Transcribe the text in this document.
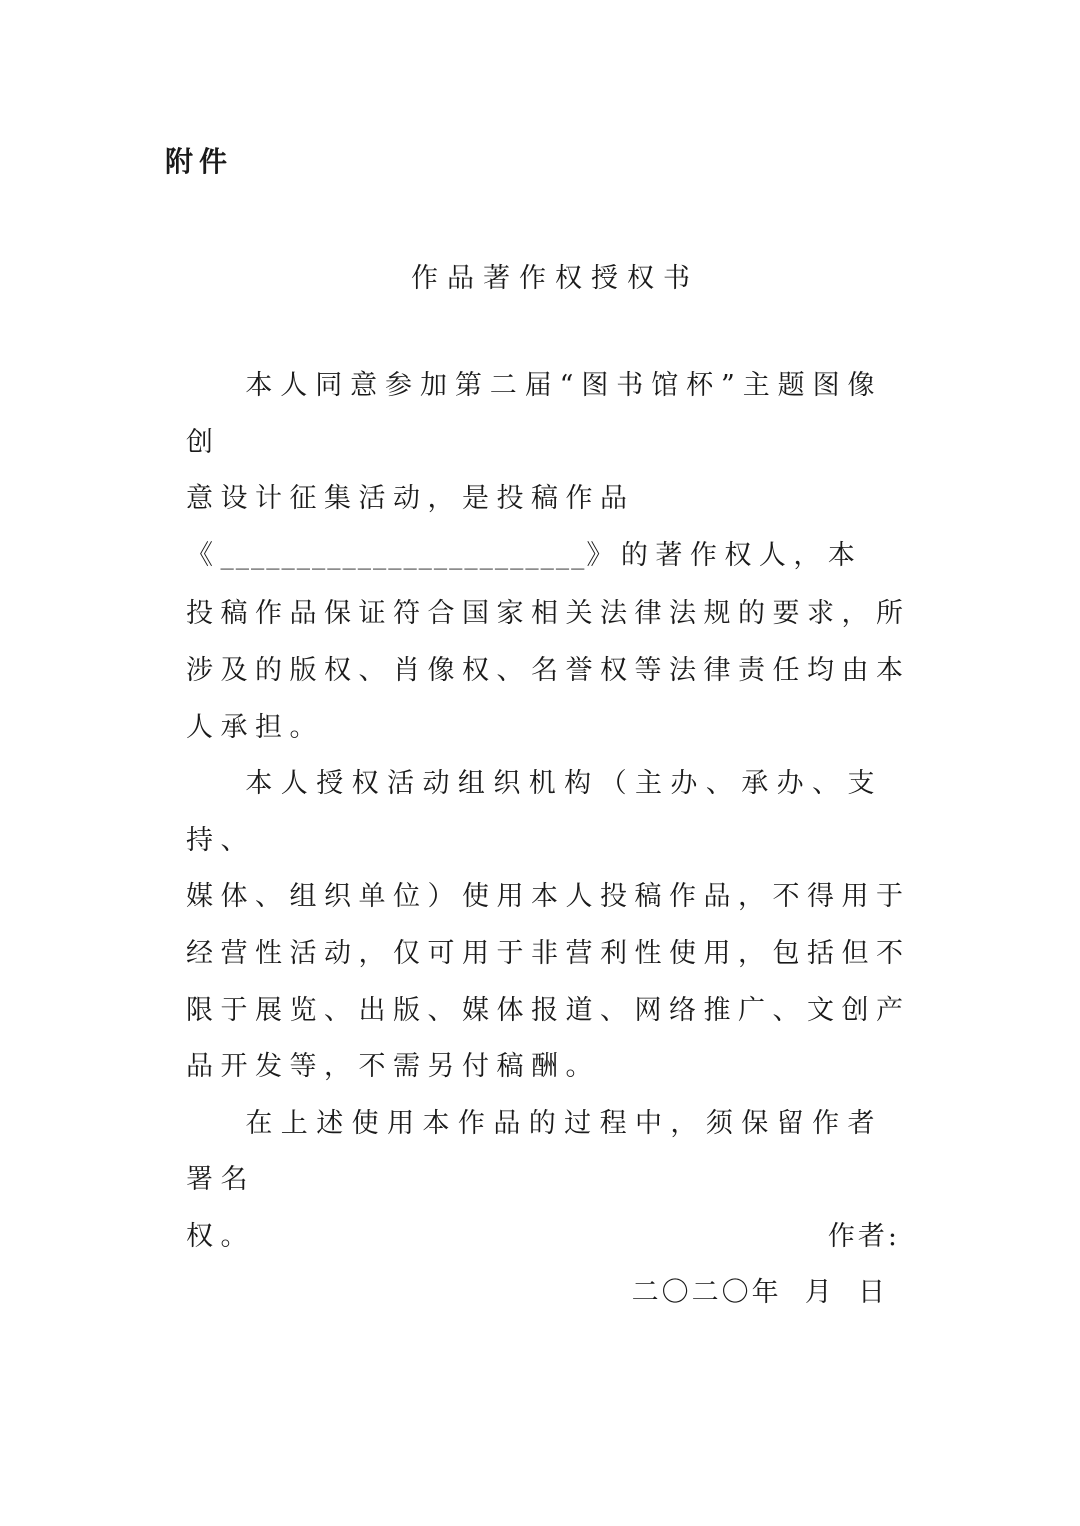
附件
作品著作权授权书

本人同意参加第二届“图书馆杯”主题图像创
意设计征集活动，是投稿作品
《________________________》的著作权人，本
投稿作品保证符合国家相关法律法规的要求，所
涉及的版权、肖像权、名誉权等法律责任均由本
人承担。

本人授权活动组织机构（主办、承办、支持、
媒体、组织单位）使用本人投稿作品，不得用于
经营性活动，仅可用于非营利性使用，包括但不
限于展览、出版、媒体报道、网络推广、文创产
品开发等，不需另付稿酬。

在上述使用本作品的过程中，须保留作者署名
权。	作者:
二〇二〇年  月  日
